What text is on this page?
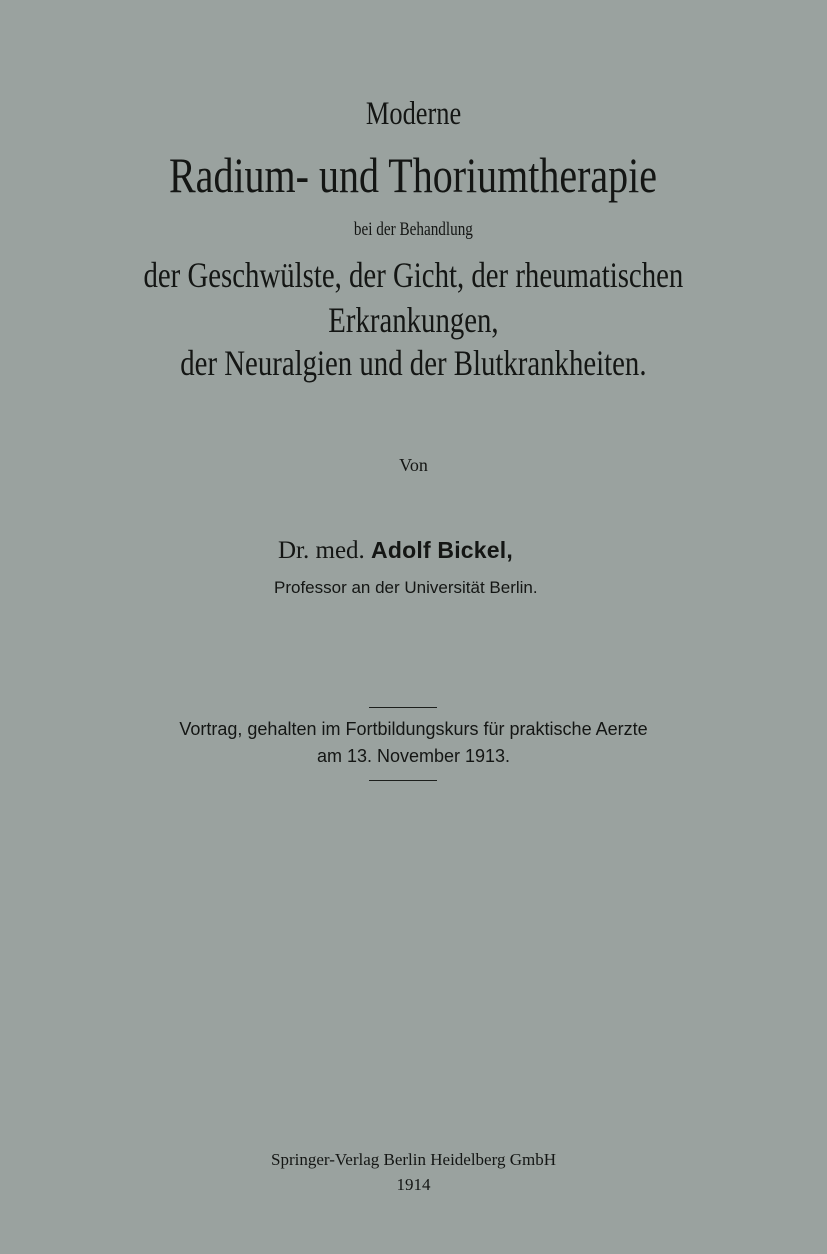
Moderne
Radium- und Thoriumtherapie
bei der Behandlung
der Geschwülste, der Gicht, der rheumatischen
Erkrankungen,
der Neuralgien und der Blutkrankheiten.
Von
Dr. med. Adolf Bickel,
Professor an der Universität Berlin.
Vortrag, gehalten im Fortbildungskurs für praktische Aerzte
am 13. November 1913.
Springer-Verlag Berlin Heidelberg GmbH
1914
